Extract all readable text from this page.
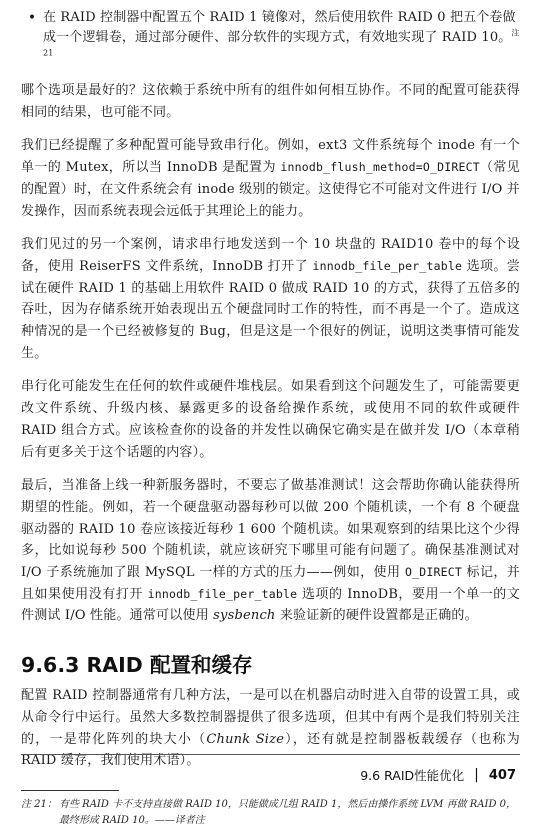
• 在 RAID 控制器中配置五个 RAID 1 镜像对，然后使用软件 RAID 0 把五个卷做成一个逻辑卷，通过部分硬件、部分软件的实现方式，有效地实现了 RAID 10。$^{注 21}$

哪个选项是最好的？这依赖于系统中所有的组件如何相互协作。不同的配置可能获得相同的结果，也可能不同。

我们已经提醒了多种配置可能导致串行化。例如，ext3 文件系统每个 inode 有一个单一的 Mutex，所以当 InnoDB 是配置为 innodb_flush_method=O_DIRECT（常见的配置）时，在文件系统会有 inode 级别的锁定。这使得它不可能对文件进行 I/O 并发操作，因而系统表现会远低于其理论上的能力。

我们见过的另一个案例，请求串行地发送到一个 10 块盘的 RAID10 卷中的每个设备，使用 ReiserFS 文件系统，InnoDB 打开了 innodb_file_per_table 选项。尝试在硬件 RAID 1 的基础上用软件 RAID 0 做成 RAID 10 的方式，获得了五倍多的吞吐，因为存储系统开始表现出五个硬盘同时工作的特性，而不再是一个了。造成这种情况的是一个已经被修复的 Bug，但是这是一个很好的例证，说明这类事情可能发生。

串行化可能发生在任何的软件或硬件堆栈层。如果看到这个问题发生了，可能需要更改文件系统、升级内核、暴露更多的设备给操作系统，或使用不同的软件或硬件 RAID 组合方式。应该检查你的设备的并发性以确保它确实是在做并发 I/O（本章稍后有更多关于这个话题的内容）。

最后，当准备上线一种新服务器时，不要忘了做基准测试！这会帮助你确认能获得所期望的性能。例如，若一个硬盘驱动器每秒可以做 200 个随机读，一个有 8 个硬盘驱动器的 RAID 10 卷应该接近每秒 1 600 个随机读。如果观察到的结果比这个少得多，比如说每秒 500 个随机读，就应该研究下哪里可能有问题了。确保基准测试对 I/O 子系统施加了跟 MySQL 一样的方式的压力——例如，使用 O_DIRECT 标记，并且如果使用没有打开 innodb_file_per_table 选项的 InnoDB，要用一个单一的文件测试 I/O 性能。通常可以使用 sysbench 来验证新的硬件设置都是正确的。

9.6.3 RAID 配置和缓存

配置 RAID 控制器通常有几种方法，一是可以在机器启动时进入自带的设置工具，或从命令行中运行。虽然大多数控制器提供了很多选项，但其中有两个是我们特别关注的，一是带化阵列的块大小（Chunk Size），还有就是控制器板载缓存（也称为 RAID 缓存，我们使用术语）。

注 21： 有些 RAID 卡不支持直接做 RAID 10，只能做成几组 RAID 1，然后由操作系统 LVM 再做 RAID 0，最终形成 RAID 10。——译者注
9.6
RAID性能优化 | 407
